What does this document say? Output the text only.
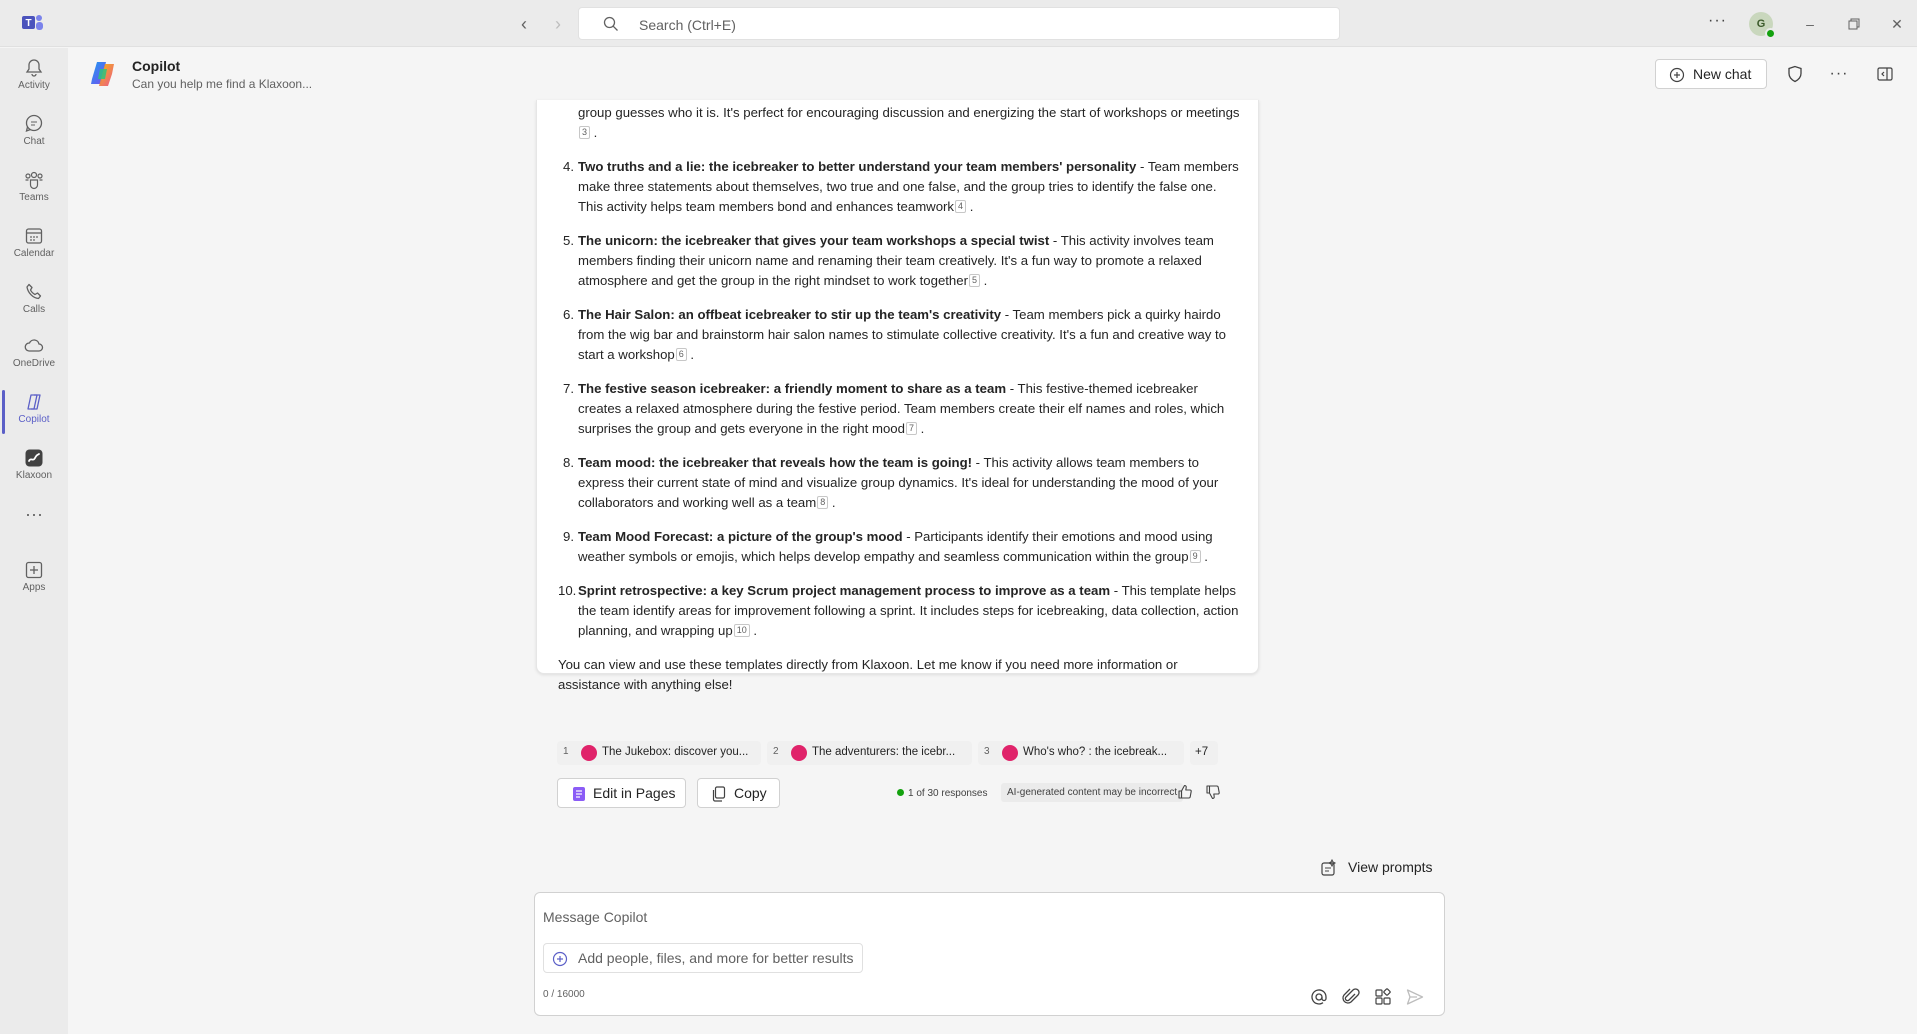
T	‹	›	Search (Ctrl+E)	···	G	–	✕
Activity
Chat
Teams
Calendar
Calls
OneDrive
Copilot
Klaxoon
···
Apps
Copilot
Can you help me find a Klaxoon...
New chat	···
group guesses who it is. It's perfect for encouraging discussion and energizing the start of workshops or meetings3 .
4. Two truths and a lie: the icebreaker to better understand your team members' personality - Team members make three statements about themselves, two true and one false, and the group tries to identify the false one. This activity helps team members bond and enhances teamwork 4 .
5. The unicorn: the icebreaker that gives your team workshops a special twist - This activity involves team members finding their unicorn name and renaming their team creatively. It's a fun way to promote a relaxed atmosphere and get the group in the right mindset to work together 5 .
6. The Hair Salon: an offbeat icebreaker to stir up the team's creativity - Team members pick a quirky hairdo from the wig bar and brainstorm hair salon names to stimulate collective creativity. It's a fun and creative way to start a workshop 6 .
7. The festive season icebreaker: a friendly moment to share as a team - This festive-themed icebreaker creates a relaxed atmosphere during the festive period. Team members create their elf names and roles, which surprises the group and gets everyone in the right mood 7 .
8. Team mood: the icebreaker that reveals how the team is going! - This activity allows team members to express their current state of mind and visualize group dynamics. It's ideal for understanding the mood of your collaborators and working well as a team 8 .
9. Team Mood Forecast: a picture of the group's mood - Participants identify their emotions and mood using weather symbols or emojis, which helps develop empathy and seamless communication within the group 9 .
10. Sprint retrospective: a key Scrum project management process to improve as a team - This template helps the team identify areas for improvement following a sprint. It includes steps for icebreaking, data collection, action planning, and wrapping up 10 .
You can view and use these templates directly from Klaxoon. Let me know if you need more information or assistance with anything else!
1	The Jukebox: discover you... 2	The adventurers: the icebr...	3	Who's who? : the icebreak... +7
Edit in Pages	Copy	1 of 30 responses	AI-generated content may be incorrect
View prompts
Message Copilot
Add people, files, and more for better results
0 / 16000
